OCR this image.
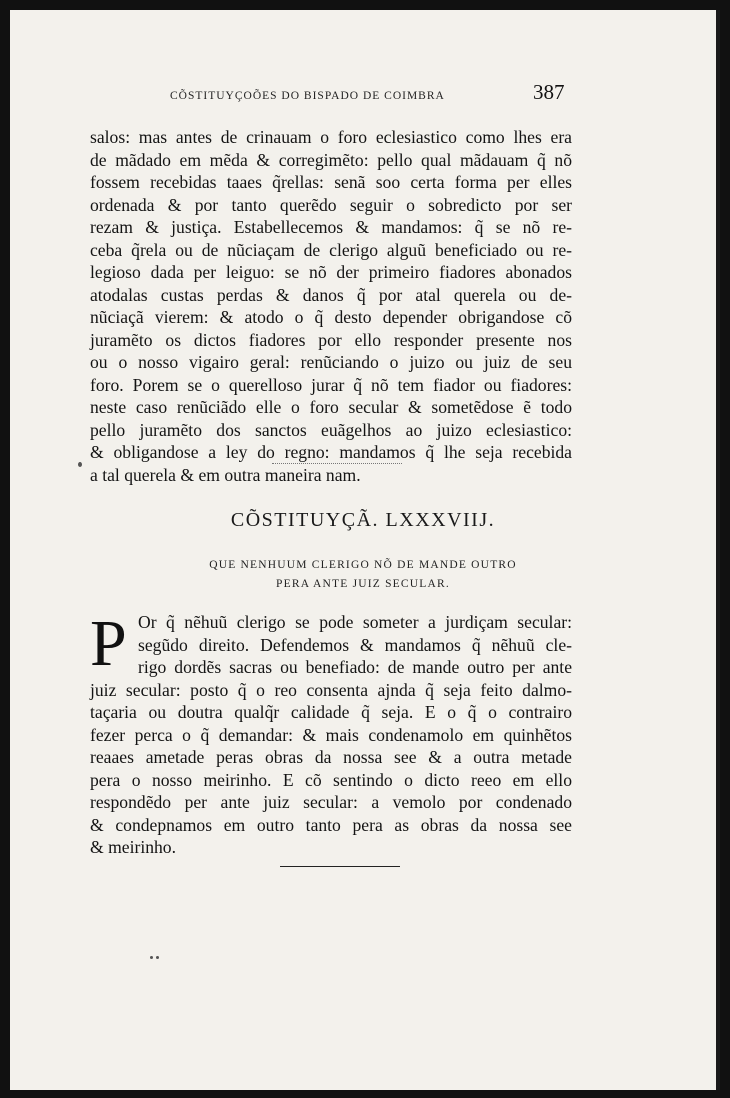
CÕSTITUYÇOÕES DO BISPADO DE COIMBRA	387
salos: mas antes de crinauam o foro eclesiastico como lhes era
de mãdado em mẽda & corregimẽto: pello qual mãdauam q̃ nõ
fossem recebidas taaes q̃rellas: senã soo certa forma per elles
ordenada & por tanto querẽdo seguir o sobredicto por ser
rezam & justiça. Estabellecemos & mandamos: q̃ se nõ re-
ceba q̃rela ou de nũciaçam de clerigo alguũ beneficiado ou re-
legioso dada per leiguo: se nõ der primeiro fiadores abonados
atodalas custas perdas & danos q̃ por atal querela ou de-
nũciaçã vierem: & atodo o q̃ desto depender obrigandose cõ
juramẽto os dictos fiadores por ello responder presente nos
ou o nosso vigairo geral: renũciando o juizo ou juiz de seu
foro. Porem se o querelloso jurar q̃ nõ tem fiador ou fiadores:
neste caso renũciãdo elle o foro secular & sometẽdose ẽ todo
pello juramẽto dos sanctos euãgelhos ao juizo eclesiastico:
& obligandose a ley do regno: mandamos q̃ lhe seja recebida
a tal querela & em outra maneira nam.
CÕSTITUYÇÃ. LXXXVIIJ.
QUE NENHUUM CLERIGO NÕ DE MANDE OUTRO
PERA ANTE JUIZ SECULAR.
P Or q̃ nẽhuũ clerigo se pode someter a jurdiçam secular:
segũdo direito. Defendemos & mandamos q̃ nẽhuũ cle-
rigo dordẽs sacras ou benefiado: de mande outro per ante
juiz secular: posto q̃ o reo consenta ajnda q̃ seja feito dalmo-
taçaria ou doutra qualq̃r calidade q̃ seja. E o q̃ o contrairo
fezer perca o q̃ demandar: & mais condenamolo em quinhẽtos
reaaes ametade peras obras da nossa see & a outra metade
pera o nosso meirinho. E cõ sentindo o dicto reeo em ello
respondẽdo per ante juiz secular: a vemolo por condenado
& condepnamos em outro tanto pera as obras da nossa see
& meirinho.
